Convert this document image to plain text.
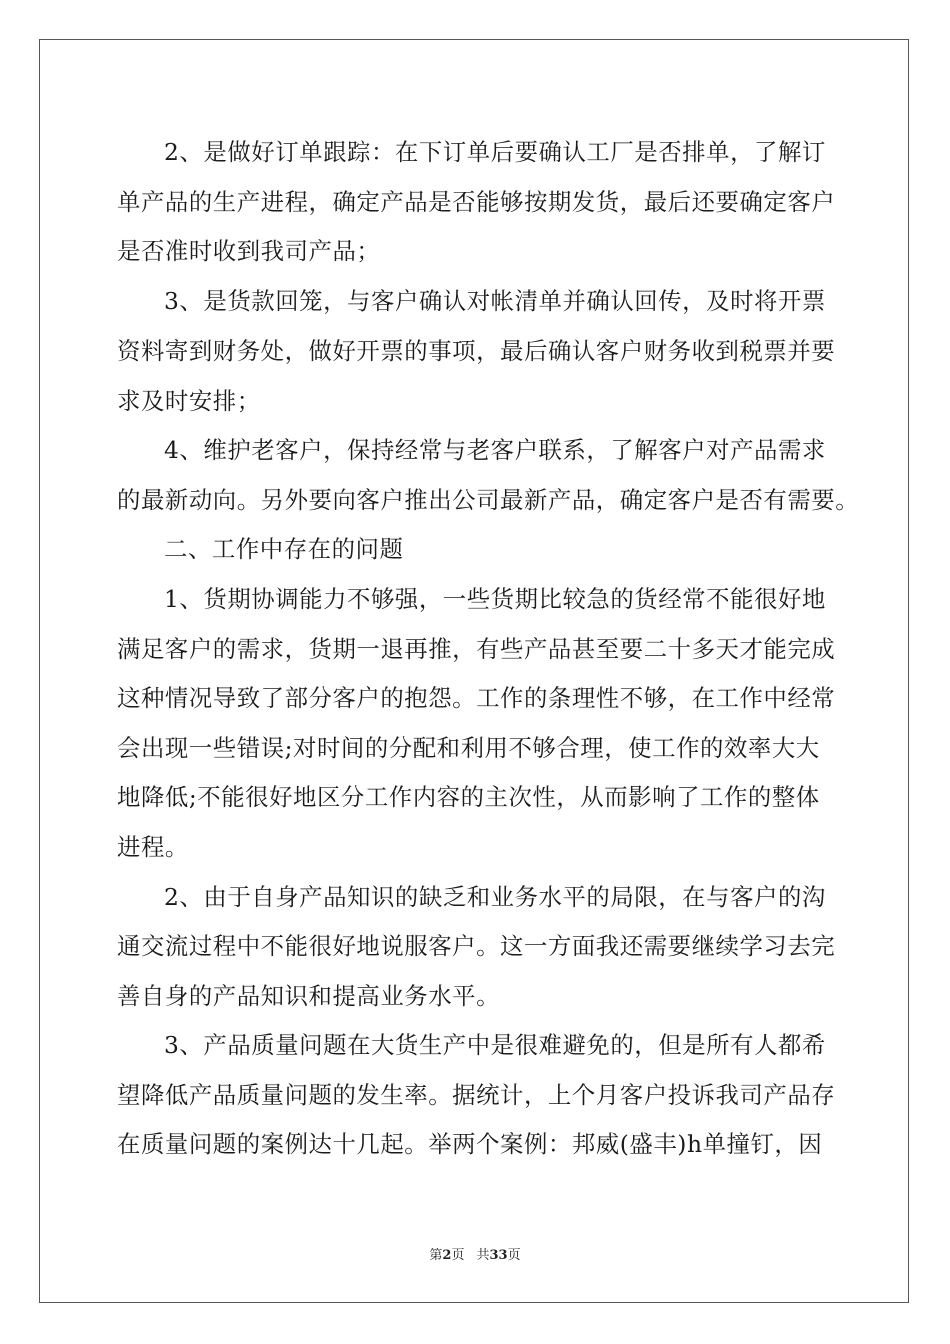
2、是做好订单跟踪：在下订单后要确认工厂是否排单，了解订
单产品的生产进程，确定产品是否能够按期发货，最后还要确定客户
是否准时收到我司产品；
3、是货款回笼，与客户确认对帐清单并确认回传，及时将开票
资料寄到财务处，做好开票的事项，最后确认客户财务收到税票并要
求及时安排；
4、维护老客户，保持经常与老客户联系，了解客户对产品需求
的最新动向。另外要向客户推出公司最新产品，确定客户是否有需要。
二、工作中存在的问题
1、货期协调能力不够强，一些货期比较急的货经常不能很好地
满足客户的需求，货期一退再推，有些产品甚至要二十多天才能完成
这种情况导致了部分客户的抱怨。工作的条理性不够，在工作中经常
会出现一些错误;对时间的分配和利用不够合理，使工作的效率大大
地降低;不能很好地区分工作内容的主次性，从而影响了工作的整体
进程。
2、由于自身产品知识的缺乏和业务水平的局限，在与客户的沟
通交流过程中不能很好地说服客户。这一方面我还需要继续学习去完
善自身的产品知识和提高业务水平。
3、产品质量问题在大货生产中是很难避免的，但是所有人都希
望降低产品质量问题的发生率。据统计，上个月客户投诉我司产品存
在质量问题的案例达十几起。举两个案例：邦威(盛丰)h单撞钉，因
第2页 共33页
